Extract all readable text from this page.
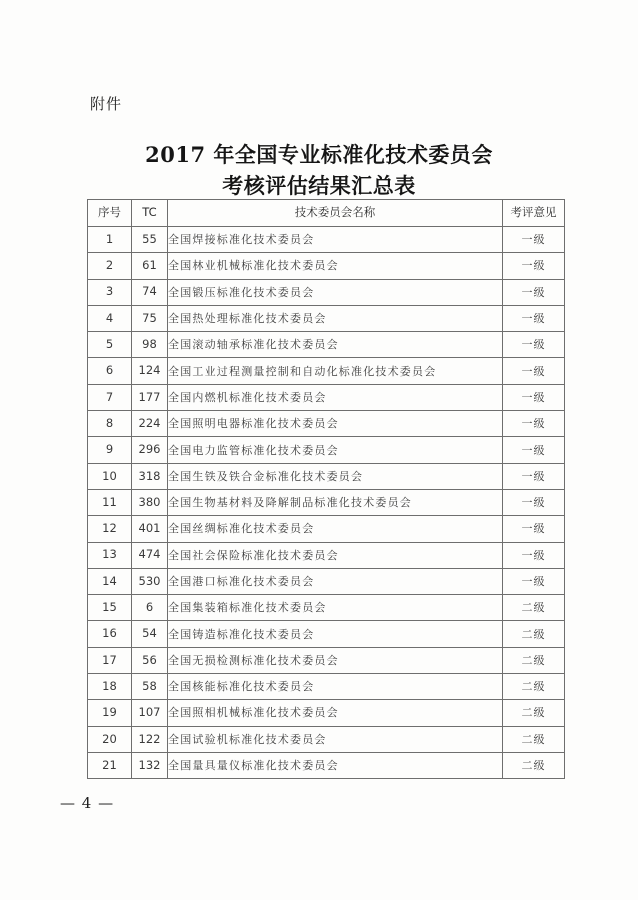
附件
2017 年全国专业标准化技术委员会
考核评估结果汇总表
序号	TC	技术委员会名称	考评意见
1	55	全国焊接标准化技术委员会	一级
2	61	全国林业机械标准化技术委员会	一级
3	74	全国锻压标准化技术委员会	一级
4	75	全国热处理标准化技术委员会	一级
5	98	全国滚动轴承标准化技术委员会	一级
6	124	全国工业过程测量控制和自动化标准化技术委员会	一级
7	177	全国内燃机标准化技术委员会	一级
8	224	全国照明电器标准化技术委员会	一级
9	296	全国电力监管标准化技术委员会	一级
10	318	全国生铁及铁合金标准化技术委员会	一级
11	380	全国生物基材料及降解制品标准化技术委员会	一级
12	401	全国丝绸标准化技术委员会	一级
13	474	全国社会保险标准化技术委员会	一级
14	530	全国港口标准化技术委员会	一级
15	6	全国集装箱标准化技术委员会	二级
16	54	全国铸造标准化技术委员会	二级
17	56	全国无损检测标准化技术委员会	二级
18	58	全国核能标准化技术委员会	二级
19	107	全国照相机械标准化技术委员会	二级
20	122	全国试验机标准化技术委员会	二级
21	132	全国量具量仪标准化技术委员会	二级
— 4 —
